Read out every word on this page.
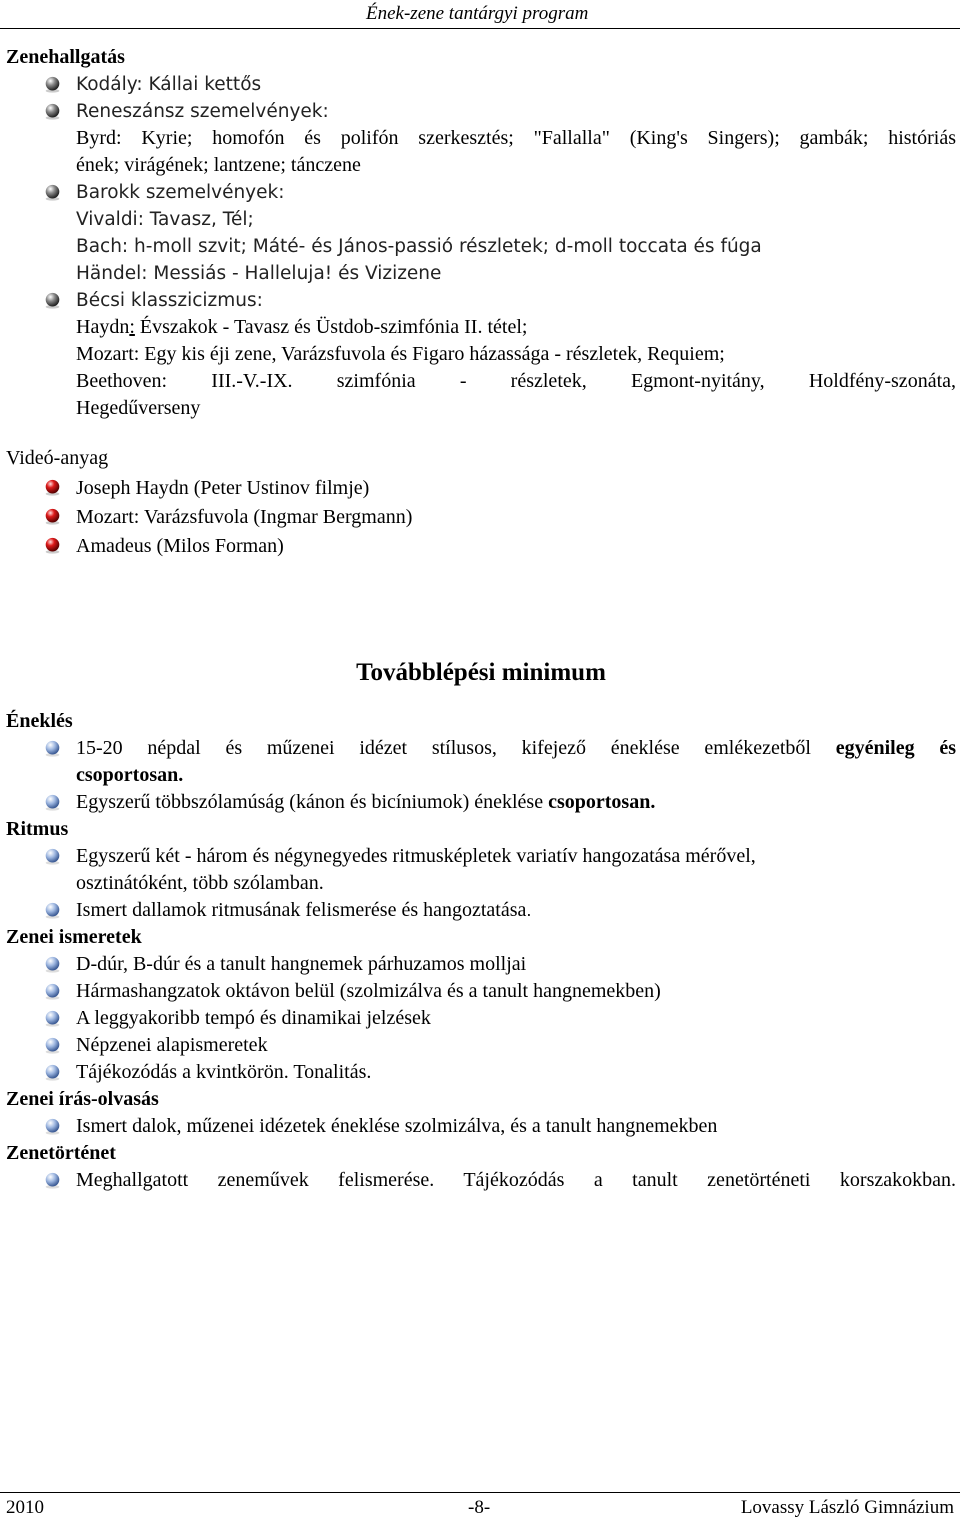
Ének-zene tantárgyi program
Zenehallgatás
Kodály: Kállai kettős
Reneszánsz szemelvények:
Byrd: Kyrie; homofón és polifón szerkesztés; "Fallalla" (King's Singers); gambák; históriás
ének; virágének; lantzene; tánczene
Barokk szemelvények:
Vivaldi: Tavasz, Tél;
Bach: h-moll szvit; Máté- és János-passió részletek; d-moll toccata és fúga
Händel: Messiás - Halleluja! és Vizizene
Bécsi klasszicizmus:
Haydn: Évszakok - Tavasz és Üstdob-szimfónia II. tétel;
Mozart: Egy kis éji zene, Varázsfuvola és Figaro házassága - részletek, Requiem;
Beethoven: III.-V.-IX. szimfónia - részletek, Egmont-nyitány, Holdfény-szonáta,
Hegedűverseny
Videó-anyag
Joseph Haydn (Peter Ustinov filmje)
Mozart: Varázsfuvola (Ingmar Bergmann)
Amadeus (Milos Forman)
Továbblépési minimum
Éneklés
15-20 népdal és műzenei idézet stílusos, kifejező éneklése emlékezetből egyénileg és
csoportosan.
Egyszerű többszólamúság (kánon és bicíniumok) éneklése csoportosan.
Ritmus
Egyszerű két - három és négynegyedes ritmusképletek variatív hangozatása mérővel,
osztinátóként, több szólamban.
Ismert dallamok ritmusának felismerése és hangoztatása.
Zenei ismeretek
D-dúr, B-dúr és a tanult hangnemek párhuzamos molljai
Hármashangzatok oktávon belül (szolmizálva és a tanult hangnemekben)
A leggyakoribb tempó és dinamikai jelzések
Népzenei alapismeretek
Tájékozódás a kvintkörön. Tonalitás.
Zenei írás-olvasás
Ismert dalok, műzenei idézetek éneklése szolmizálva, és a tanult hangnemekben
Zenetörténet
Meghallgatott zeneművek felismerése. Tájékozódás a tanult zenetörténeti korszakokban.
2010	-8-	Lovassy László Gimnázium
